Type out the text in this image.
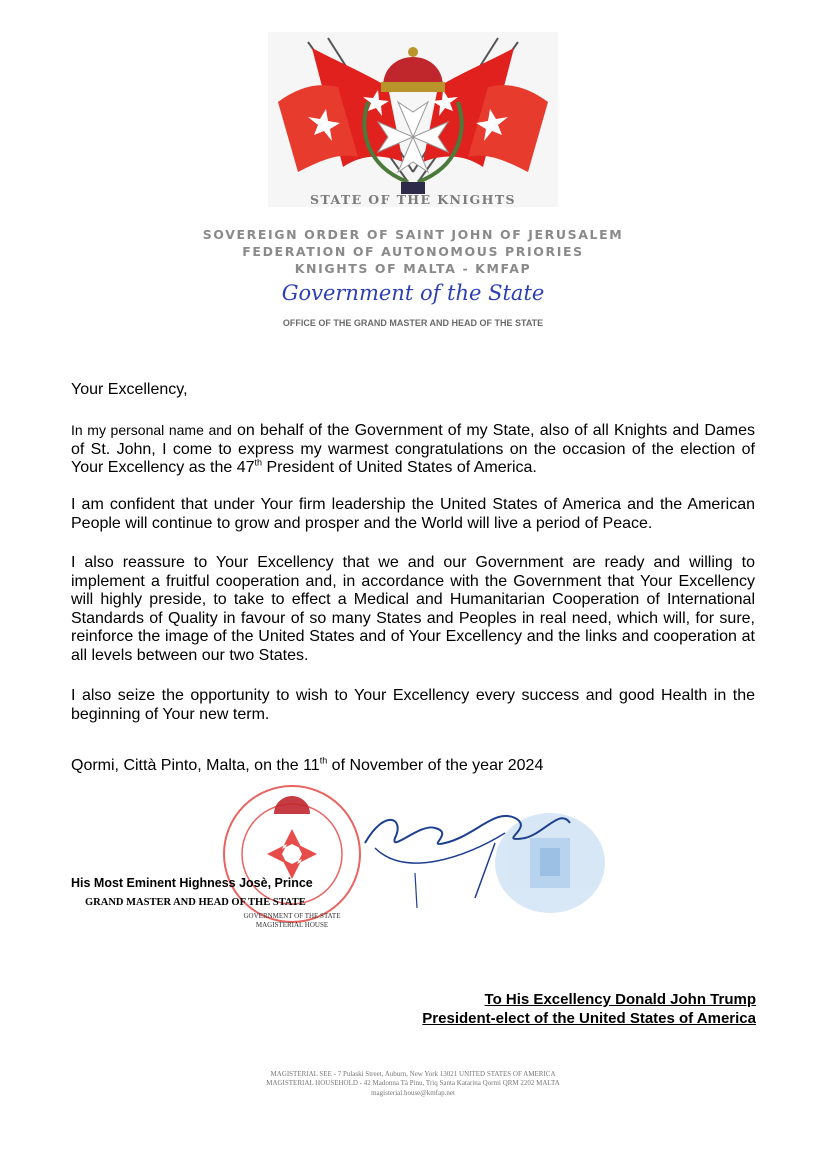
STATE OF THE KNIGHTS
SOVEREIGN ORDER OF SAINT JOHN OF JERUSALEM
FEDERATION OF AUTONOMOUS PRIORIES
KNIGHTS OF MALTA - KMFAP
Government of the State
OFFICE OF THE GRAND MASTER AND HEAD OF THE STATE
Your Excellency,

In my personal name and on behalf of the Government of my State, also of all Knights and Dames of St. John, I come to express my warmest congratulations on the occasion of the election of Your Excellency as the 47th President of United States of America.

I am confident that under Your firm leadership the United States of America and the American People will continue to grow and prosper and the World will live a period of Peace.

I also reassure to Your Excellency that we and our Government are ready and willing to implement a fruitful cooperation and, in accordance with the Government that Your Excellency will highly preside, to take to effect a Medical and Humanitarian Cooperation of International Standards of Quality in favour of so many States and Peoples in real need, which will, for sure, reinforce the image of the United States and of Your Excellency and the links and cooperation at all levels between our two States.

I also seize the opportunity to wish to Your Excellency every success and good Health in the beginning of Your new term.

Qormi, Città Pinto, Malta, on the 11th of November of the year 2024
GOVERNMENT OF THE STATE
MAGISTERIAL HOUSE
His Most Eminent Highness Josè, Prince
GRAND MASTER AND HEAD OF THE STATE
To His Excellency Donald John Trump
President-elect of the United States of America
MAGISTERIAL SEE - 7 Pulaski Street, Auburn, New York 13021 UNITED STATES OF AMERICA
MAGISTERIAL HOUSEHOLD - 42 Madonna Tà Pinu, Triq Santa Katarina Qormi QRM 2202 MALTA
magisterial.house@kmfap.net
